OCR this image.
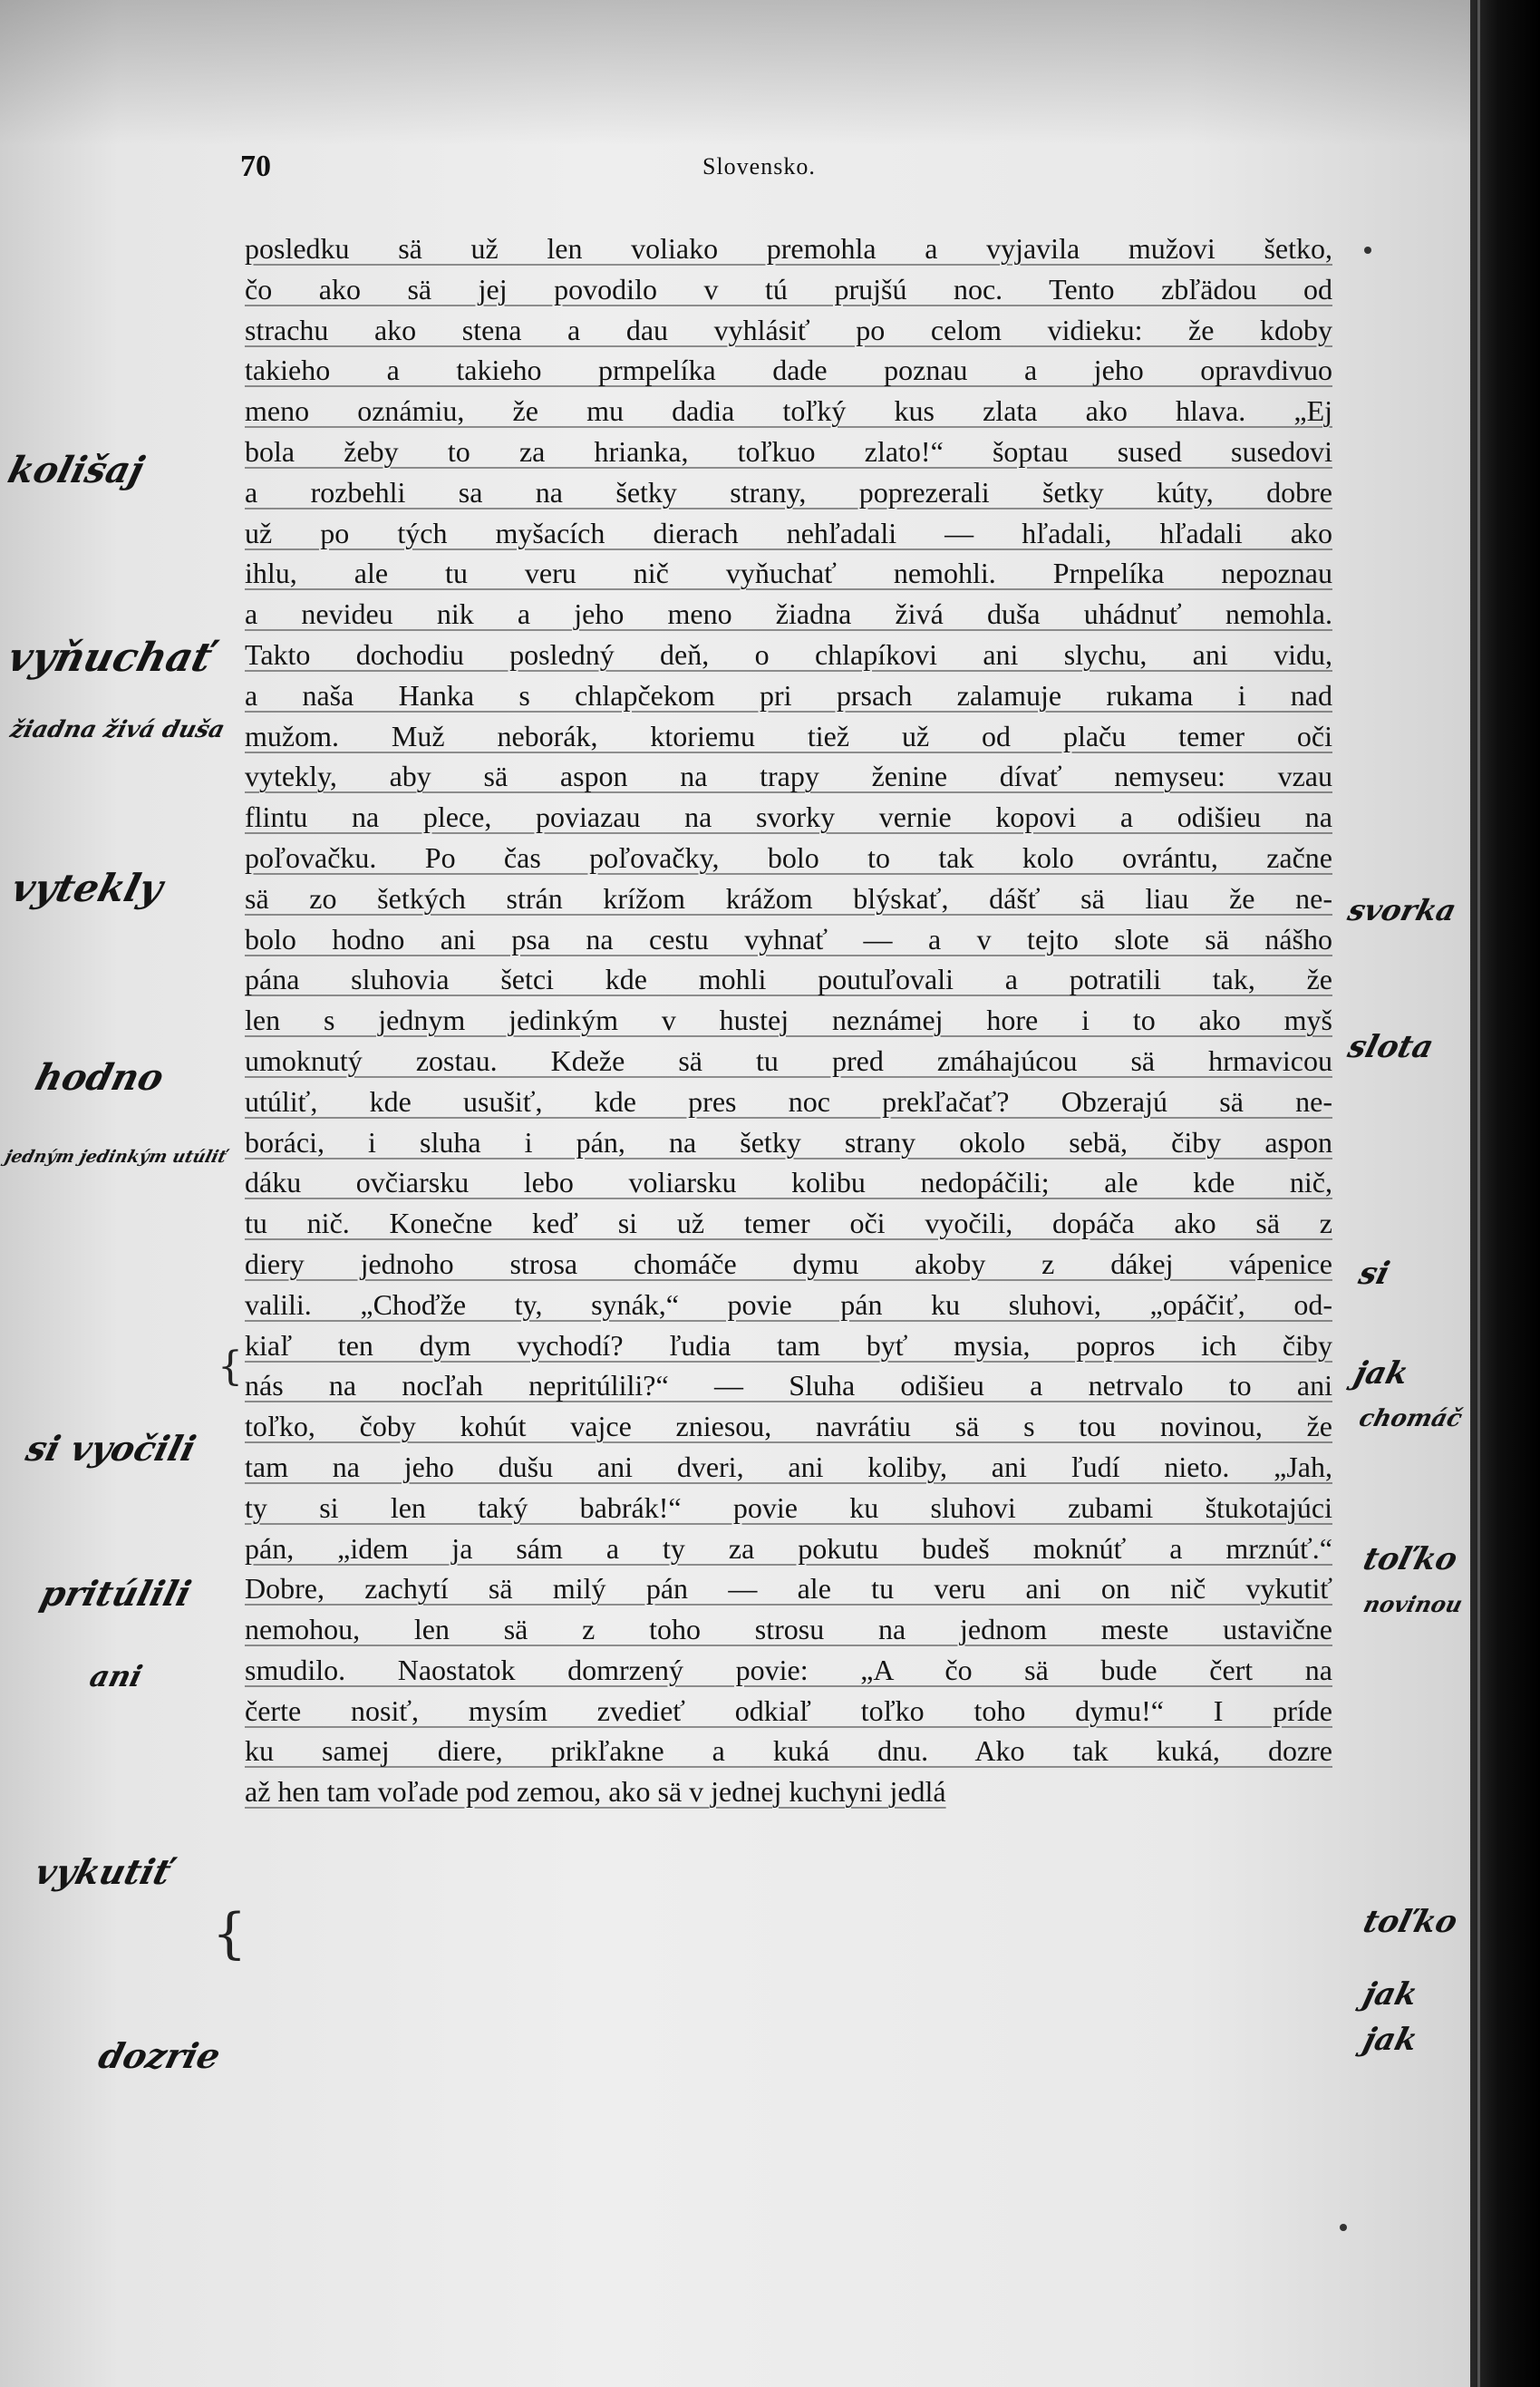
70	Slovensko.
posledku sä už len voliako premohla a vyjavila mužovi šetko,
čo ako sä jej povodilo v tú prujšú noc. Tento zbľädou od
strachu ako stena a dau vyhlásiť po celom vidieku: že kdoby
takieho a takieho prmpelíka dade poznau a jeho opravdivuo
meno oznámiu, že mu dadia toľký kus zlata ako hlava. „Ej
bola žeby to za hrianka, toľkuo zlato!“ šoptau sused susedovi
a rozbehli sa na šetky strany, poprezerali šetky kúty, dobre
už po tých myšacích dierach nehľadali — hľadali, hľadali ako
ihlu, ale tu veru nič vyňuchať nemohli. Prnpelíka nepoznau
a nevideu nik a jeho meno žiadna živá duša uhádnuť nemohla.
Takto dochodiu posledný deň, o chlapíkovi ani slychu, ani vidu,
a naša Hanka s chlapčekom pri prsach zalamuje rukama i nad
mužom. Muž neborák, ktoriemu tiež už od plaču temer oči
vytekly, aby sä aspon na trapy ženine dívať nemyseu: vzau
flintu na plece, poviazau na svorky vernie kopovi a odišieu na
poľovačku. Po čas poľovačky, bolo to tak kolo ovrántu, začne
sä zo šetkých strán krížom krážom blýskať, dášť sä liau že ne-
bolo hodno ani psa na cestu vyhnať — a v tejto slote sä nášho
pána sluhovia šetci kde mohli poutuľovali a potratili tak, že
len s jednym jedinkým v hustej neznámej hore i to ako myš
umoknutý zostau. Kdeže sä tu pred zmáhajúcou sä hrmavicou
utúliť, kde usušiť, kde pres noc prekľačať? Obzerajú sä ne-
boráci, i sluha i pán, na šetky strany okolo sebä, čiby aspon
dáku ovčiarsku lebo voliarsku kolibu nedopáčili; ale kde nič,
tu nič. Konečne keď si už temer oči vyočili, dopáča ako sä z
diery jednoho strosa chomáče dymu akoby z dákej vápenice
valili. „Choďže ty, synák,“ povie pán ku sluhovi, „opáčiť, od-
kiaľ ten dym vychodí? ľudia tam byť mysia, popros ich čiby
nás na nocľah nepritúlili?“ — Sluha odišieu a netrvalo to ani
toľko, čoby kohút vajce zniesou, navrátiu sä s tou novinou, že
tam na jeho dušu ani dveri, ani koliby, ani ľudí nieto. „Jah,
ty si len taký babrák!“ povie ku sluhovi zubami štukotajúci
pán, „idem ja sám a ty za pokutu budeš moknúť a mrznúť.“
Dobre, zachytí sä milý pán — ale tu veru ani on nič vykutiť
nemohou, len sä z toho strosu na jednom meste ustavične
smudilo. Naostatok domrzený povie: „A čo sä bude čert na
čerte nosiť, mysím zvedieť odkiaľ toľko toho dymu!“ I príde
ku samej diere, prikľakne a kuká dnu. Ako tak kuká, dozre
až hen tam voľade pod zemou, ako sä v jednej kuchyni jedlá
kolišaj
vyňuchať
žiadna živá duša
vytekly
hodno
jedným jedinkým utúliť
si vyočili
pritúlili
ani
vykutiť
dozrie
svorka
slota
si
jak
chomáč
toľko
novinou
toľko
jak
jak
{
{
